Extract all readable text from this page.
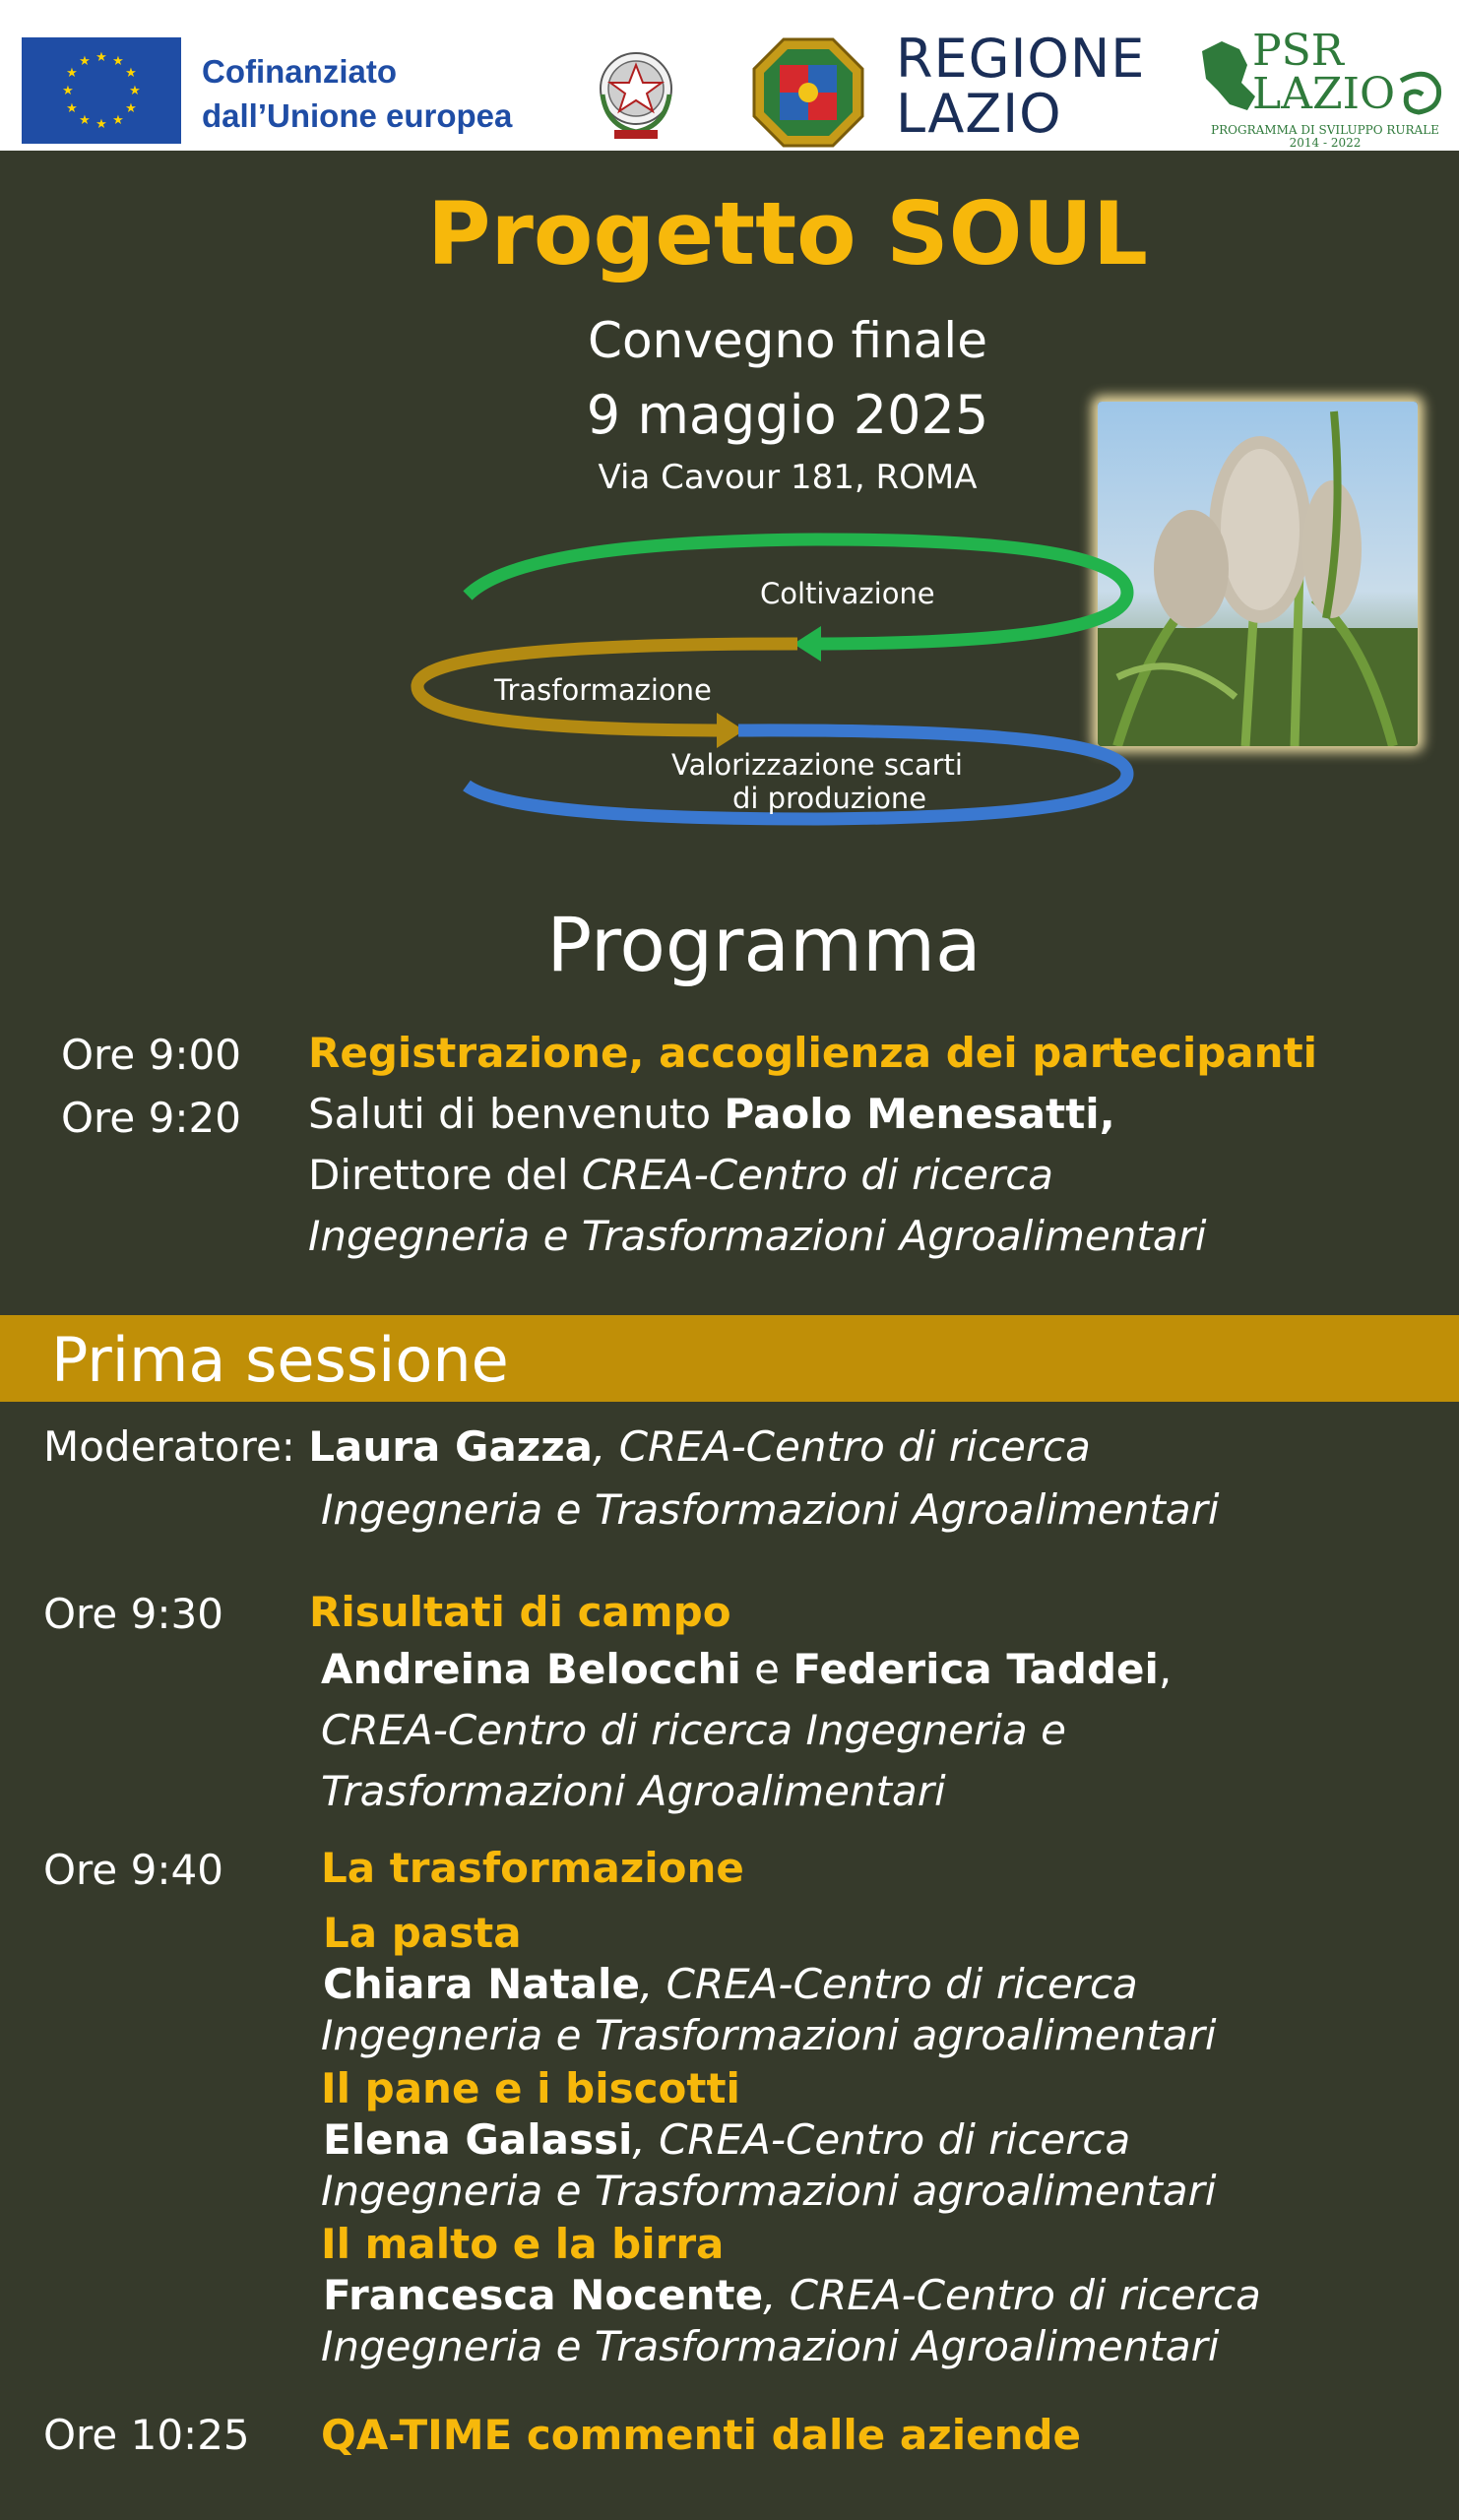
★ ★
★
★
★
★
★
★
★
★
★
★	Cofinanziato
dall’Unione europea
REGIONE
LAZIO
PSR
LAZIO
PROGRAMMA DI SVILUPPO RURALE
2014 - 2022
Progetto SOUL
Convegno finale
9 maggio 2025
Via Cavour 181, ROMA
Coltivazione
Trasformazione
Valorizzazione scarti
di produzione
Programma
Ore 9:00 Registrazione, accoglienza dei partecipanti
Ore 9:20 Saluti di benvenuto Paolo Menesatti,
Direttore del CREA-Centro di ricerca
Ingegneria e Trasformazioni Agroalimentari
Prima sessione
Moderatore: Laura Gazza, CREA-Centro di ricerca
Ingegneria e Trasformazioni Agroalimentari
Ore 9:30 Risultati di campo
Andreina Belocchi e Federica Taddei,
CREA-Centro di ricerca Ingegneria e
Trasformazioni Agroalimentari
Ore 9:40 La trasformazione
La pasta
Chiara Natale, CREA-Centro di ricerca
Ingegneria e Trasformazioni agroalimentari
Il pane e i biscotti
Elena Galassi, CREA-Centro di ricerca
Ingegneria e Trasformazioni agroalimentari
Il malto e la birra
Francesca Nocente, CREA-Centro di ricerca
Ingegneria e Trasformazioni Agroalimentari
Ore 10:25 QA-TIME commenti dalle aziende
